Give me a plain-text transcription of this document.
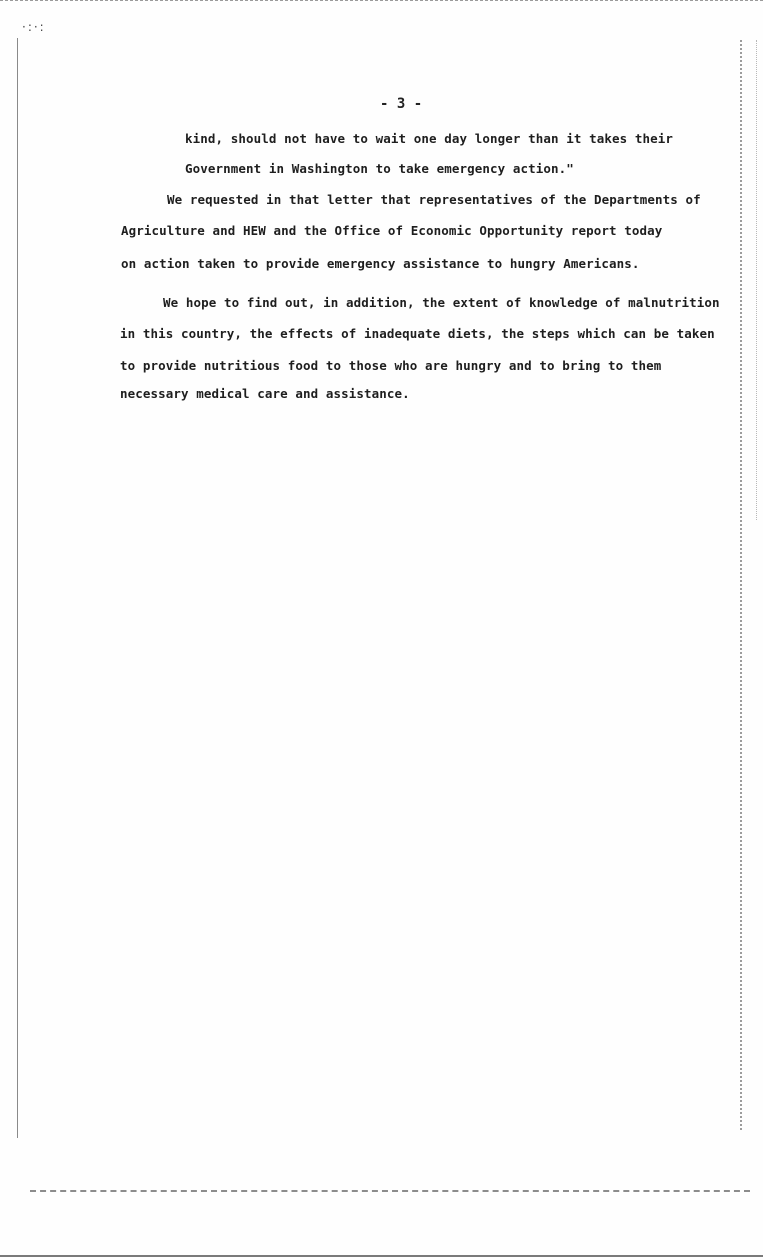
·:·:
- 3 -
kind, should not have to wait one day longer than it takes their
Government in Washington to take emergency action."
We requested in that letter that representatives of the Departments of
Agriculture and HEW and the Office of Economic Opportunity report today
on action taken to provide emergency assistance to hungry Americans.
We hope to find out, in addition, the extent of knowledge of malnutrition
in this country, the effects of inadequate diets, the steps which can be taken
to provide nutritious food to those who are hungry and to bring to them
necessary medical care and assistance.
